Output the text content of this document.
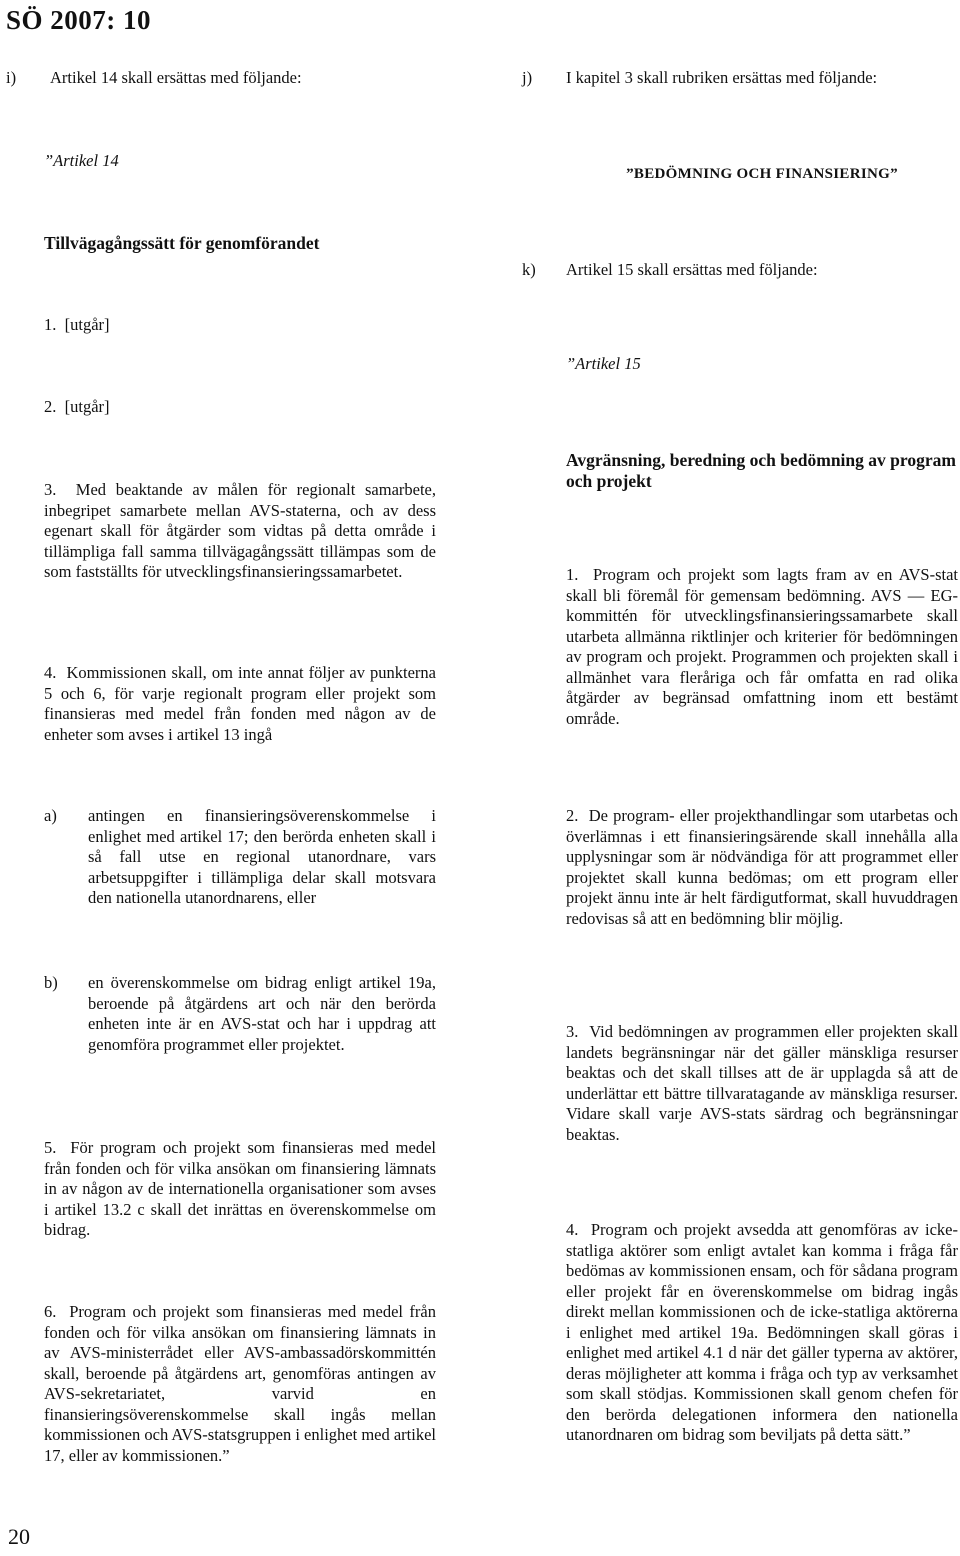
SÖ 2007: 10
i) Artikel 14 skall ersättas med följande:
”Artikel 14
Tillvägagångssätt för genomförandet
1.  [utgår]
2.  [utgår]
3.  Med beaktande av målen för regionalt samarbete, inbegripet samarbete mellan AVS-staterna, och av dess egenart skall för åtgärder som vidtas på detta område i tillämpliga fall samma tillvägagångssätt tillämpas som de som fastställts för utvecklingsfinansieringssamarbetet.
4.  Kommissionen skall, om inte annat följer av punkterna 5 och 6, för varje regionalt program eller projekt som finansieras med medel från fonden med någon av de enheter som avses i artikel 13 ingå
a) antingen en finansieringsöverenskommelse i enlighet med artikel 17; den berörda enheten skall i så fall utse en regional utanordnare, vars arbetsuppgifter i tillämpliga delar skall motsvara den nationella utanordnarens, eller
b) en överenskommelse om bidrag enligt artikel 19a, beroende på åtgärdens art och när den berörda enheten inte är en AVS-stat och har i uppdrag att genomföra programmet eller projektet.
5.  För program och projekt som finansieras med medel från fonden och för vilka ansökan om finansiering lämnats in av någon av de internationella organisationer som avses i artikel 13.2 c skall det inrättas en överenskommelse om bidrag.
6.  Program och projekt som finansieras med medel från fonden och för vilka ansökan om finansiering lämnats in av AVS-ministerrådet eller AVS-ambassadörskommittén skall, beroende på åtgärdens art, genomföras antingen av AVS-sekretariatet, varvid en finansieringsöverenskommelse skall ingås mellan kommissionen och AVS-statsgruppen i enlighet med artikel 17, eller av kommissionen.”
j) I kapitel 3 skall rubriken ersättas med följande:
”BEDÖMNING OCH FINANSIERING”
k) Artikel 15 skall ersättas med följande:
”Artikel 15
Avgränsning, beredning och bedömning av program och projekt
1.  Program och projekt som lagts fram av en AVS-stat skall bli föremål för gemensam bedömning. AVS — EG-kommittén för utvecklingsfinansieringssamarbete skall utarbeta allmänna riktlinjer och kriterier för bedömningen av program och projekt. Programmen och projekten skall i allmänhet vara fleråriga och får omfatta en rad olika åtgärder av begränsad omfattning inom ett bestämt område.
2.  De program- eller projekthandlingar som utarbetas och överlämnas i ett finansieringsärende skall innehålla alla upplysningar som är nödvändiga för att programmet eller projektet skall kunna bedömas; om ett program eller projekt ännu inte är helt färdigutformat, skall huvuddragen redovisas så att en bedömning blir möjlig.
3.  Vid bedömningen av programmen eller projekten skall landets begränsningar när det gäller mänskliga resurser beaktas och det skall tillses att de är upplagda så att de underlättar ett bättre tillvaratagande av mänskliga resurser. Vidare skall varje AVS-stats särdrag och begränsningar beaktas.
4.  Program och projekt avsedda att genomföras av icke-statliga aktörer som enligt avtalet kan komma i fråga får bedömas av kommissionen ensam, och för sådana program eller projekt får en överenskommelse om bidrag ingås direkt mellan kommissionen och de icke-statliga aktörerna i enlighet med artikel 19a. Bedömningen skall göras i enlighet med artikel 4.1 d när det gäller typerna av aktörer, deras möjligheter att komma i fråga och typ av verksamhet som skall stödjas. Kommissionen skall genom chefen för den berörda delegationen informera den nationella utanordnaren om bidrag som beviljats på detta sätt.”
20
